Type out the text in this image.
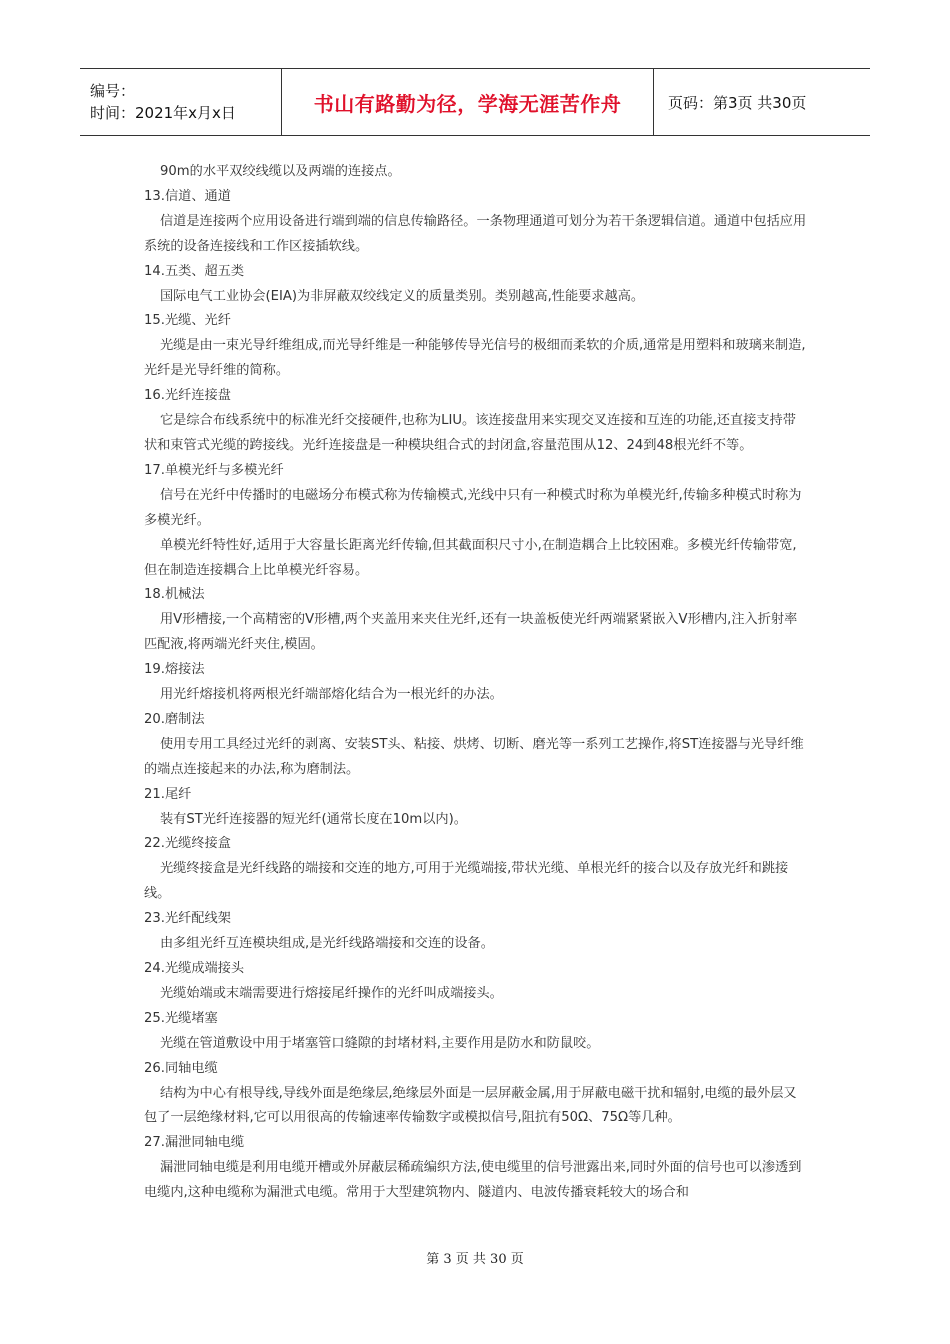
编号：
时间：2021年x月x日	书山有路勤为径，学海无涯苦作舟	页码：第3页 共30页

90m的水平双绞线缆以及两端的连接点。

13.信道、通道

信道是连接两个应用设备进行端到端的信息传输路径。一条物理通道可划分为若干条逻辑信道。通道中包括应用系统的设备连接线和工作区接插软线。

14.五类、超五类

国际电气工业协会(EIA)为非屏蔽双绞线定义的质量类别。类别越高,性能要求越高。

15.光缆、光纤

光缆是由一束光导纤维组成,而光导纤维是一种能够传导光信号的极细而柔软的介质,通常是用塑料和玻璃来制造,光纤是光导纤维的简称。

16.光纤连接盘

它是综合布线系统中的标准光纤交接硬件,也称为LIU。该连接盘用来实现交叉连接和互连的功能,还直接支持带状和束管式光缆的跨接线。光纤连接盘是一种模块组合式的封闭盒,容量范围从12、24到48根光纤不等。

17.单模光纤与多模光纤

信号在光纤中传播时的电磁场分布模式称为传输模式,光线中只有一种模式时称为单模光纤,传输多种模式时称为多模光纤。

单模光纤特性好,适用于大容量长距离光纤传输,但其截面积尺寸小,在制造耦合上比较困难。多模光纤传输带宽,但在制造连接耦合上比单模光纤容易。

18.机械法

用V形槽接,一个高精密的V形槽,两个夹盖用来夹住光纤,还有一块盖板使光纤两端紧紧嵌入V形槽内,注入折射率匹配液,将两端光纤夹住,模固。

19.熔接法

用光纤熔接机将两根光纤端部熔化结合为一根光纤的办法。

20.磨制法

使用专用工具经过光纤的剥离、安装ST头、粘接、烘烤、切断、磨光等一系列工艺操作,将ST连接器与光导纤维的端点连接起来的办法,称为磨制法。

21.尾纤

装有ST光纤连接器的短光纤(通常长度在10m以内)。

22.光缆终接盒

光缆终接盒是光纤线路的端接和交连的地方,可用于光缆端接,带状光缆、单根光纤的接合以及存放光纤和跳接线。

23.光纤配线架

由多组光纤互连模块组成,是光纤线路端接和交连的设备。

24.光缆成端接头

光缆始端或末端需要进行熔接尾纤操作的光纤叫成端接头。

25.光缆堵塞

光缆在管道敷设中用于堵塞管口缝隙的封堵材料,主要作用是防水和防鼠咬。

26.同轴电缆

结构为中心有根导线,导线外面是绝缘层,绝缘层外面是一层屏蔽金属,用于屏蔽电磁干扰和辐射,电缆的最外层又包了一层绝缘材料,它可以用很高的传输速率传输数字或模拟信号,阻抗有50Ω、75Ω等几种。

27.漏泄同轴电缆

漏泄同轴电缆是利用电缆开槽或外屏蔽层稀疏编织方法,使电缆里的信号泄露出来,同时外面的信号也可以渗透到电缆内,这种电缆称为漏泄式电缆。常用于大型建筑物内、隧道内、电波传播衰耗较大的场合和

第 3 页 共 30 页
